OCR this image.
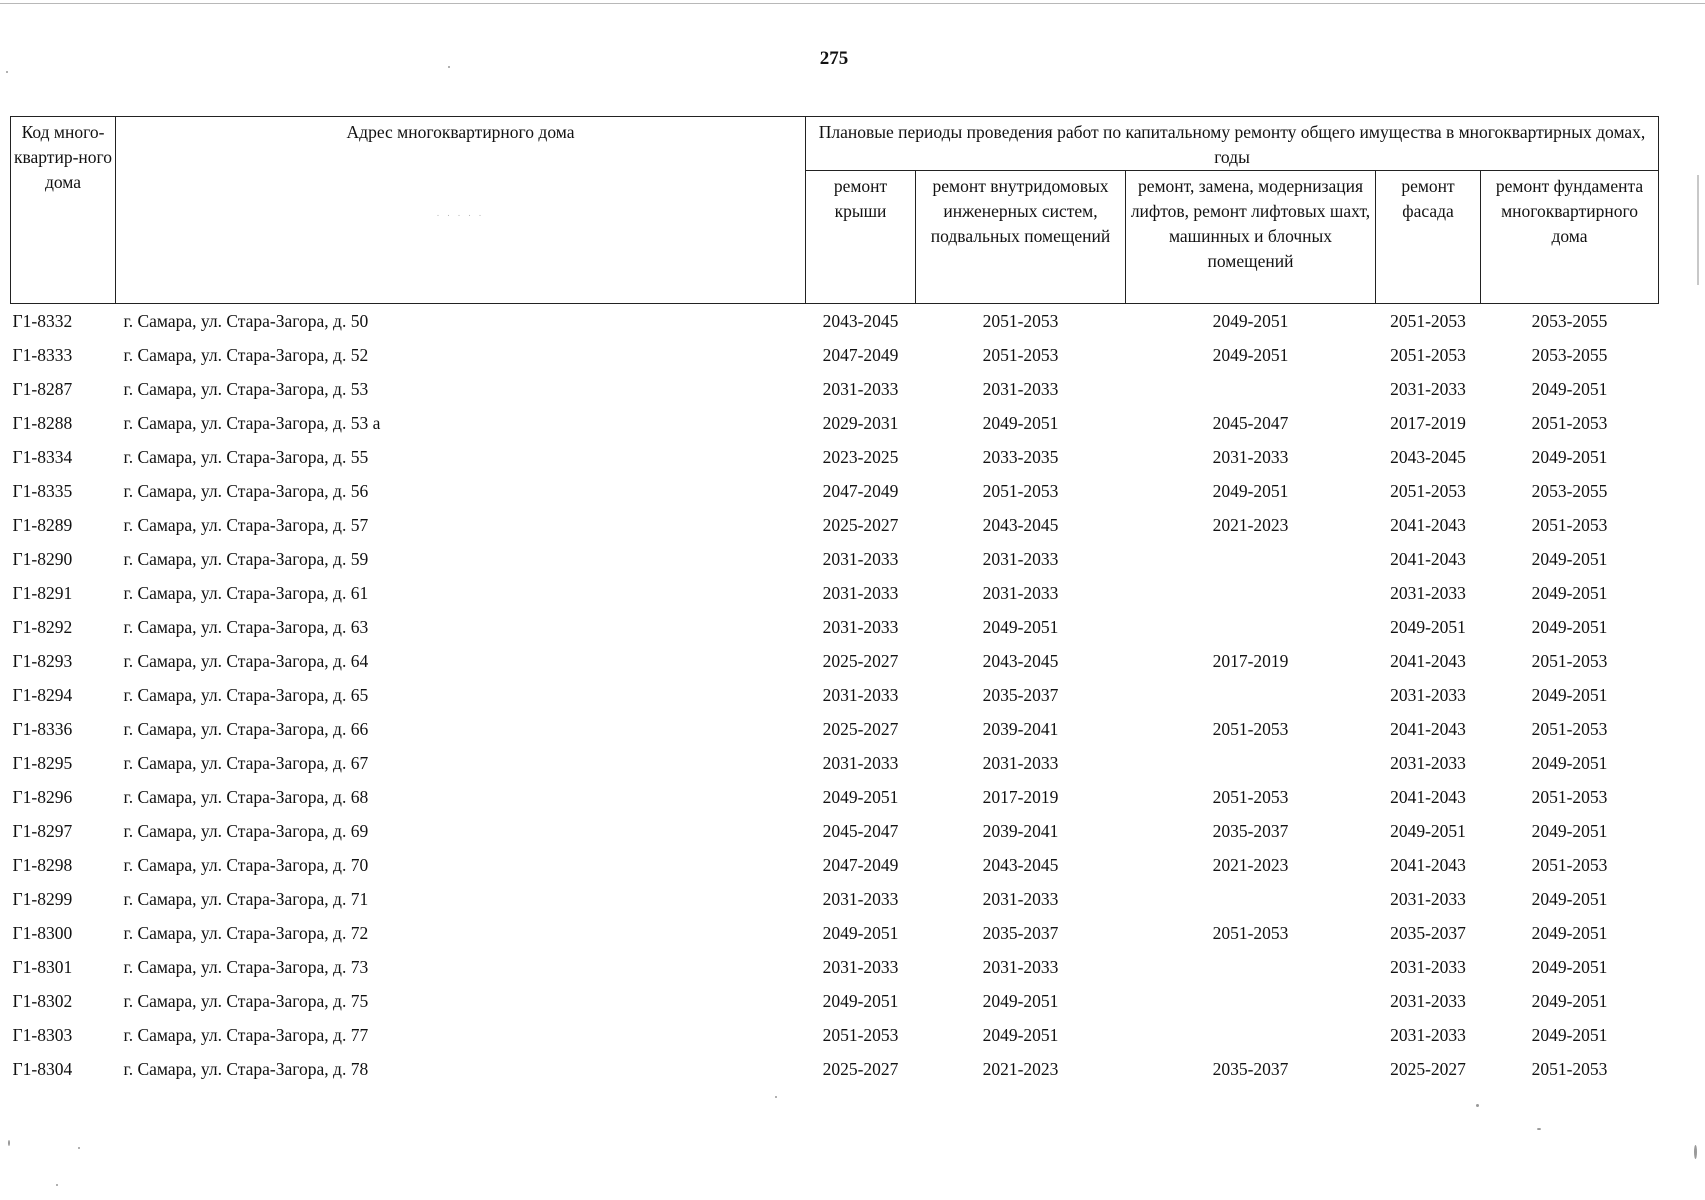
275
Код много-квартир-ного дома	Адрес многоквартирного дома
. . . . .	Плановые периоды проведения работ по капитальному ремонту общего имущества в многоквартирных домах, годы				
		ремонт крыши	ремонт внутридомовых инженерных систем, подвальных помещений	ремонт, замена, модернизация лифтов, ремонт лифтовых шахт, машинных и блочных помещений	ремонт фасада	ремонт фундамента многоквартирного дома
Г1-8332	г. Самара, ул. Стара-Загора, д. 50	2043-2045	2051-2053	2049-2051	2051-2053	2053-2055
Г1-8333	г. Самара, ул. Стара-Загора, д. 52	2047-2049	2051-2053	2049-2051	2051-2053	2053-2055
Г1-8287	г. Самара, ул. Стара-Загора, д. 53	2031-2033	2031-2033		2031-2033	2049-2051
Г1-8288	г. Самара, ул. Стара-Загора, д. 53 а	2029-2031	2049-2051	2045-2047	2017-2019	2051-2053
Г1-8334	г. Самара, ул. Стара-Загора, д. 55	2023-2025	2033-2035	2031-2033	2043-2045	2049-2051
Г1-8335	г. Самара, ул. Стара-Загора, д. 56	2047-2049	2051-2053	2049-2051	2051-2053	2053-2055
Г1-8289	г. Самара, ул. Стара-Загора, д. 57	2025-2027	2043-2045	2021-2023	2041-2043	2051-2053
Г1-8290	г. Самара, ул. Стара-Загора, д. 59	2031-2033	2031-2033		2041-2043	2049-2051
Г1-8291	г. Самара, ул. Стара-Загора, д. 61	2031-2033	2031-2033		2031-2033	2049-2051
Г1-8292	г. Самара, ул. Стара-Загора, д. 63	2031-2033	2049-2051		2049-2051	2049-2051
Г1-8293	г. Самара, ул. Стара-Загора, д. 64	2025-2027	2043-2045	2017-2019	2041-2043	2051-2053
Г1-8294	г. Самара, ул. Стара-Загора, д. 65	2031-2033	2035-2037		2031-2033	2049-2051
Г1-8336	г. Самара, ул. Стара-Загора, д. 66	2025-2027	2039-2041	2051-2053	2041-2043	2051-2053
Г1-8295	г. Самара, ул. Стара-Загора, д. 67	2031-2033	2031-2033		2031-2033	2049-2051
Г1-8296	г. Самара, ул. Стара-Загора, д. 68	2049-2051	2017-2019	2051-2053	2041-2043	2051-2053
Г1-8297	г. Самара, ул. Стара-Загора, д. 69	2045-2047	2039-2041	2035-2037	2049-2051	2049-2051
Г1-8298	г. Самара, ул. Стара-Загора, д. 70	2047-2049	2043-2045	2021-2023	2041-2043	2051-2053
Г1-8299	г. Самара, ул. Стара-Загора, д. 71	2031-2033	2031-2033		2031-2033	2049-2051
Г1-8300	г. Самара, ул. Стара-Загора, д. 72	2049-2051	2035-2037	2051-2053	2035-2037	2049-2051
Г1-8301	г. Самара, ул. Стара-Загора, д. 73	2031-2033	2031-2033		2031-2033	2049-2051
Г1-8302	г. Самара, ул. Стара-Загора, д. 75	2049-2051	2049-2051		2031-2033	2049-2051
Г1-8303	г. Самара, ул. Стара-Загора, д. 77	2051-2053	2049-2051		2031-2033	2049-2051
Г1-8304	г. Самара, ул. Стара-Загора, д. 78	2025-2027	2021-2023	2035-2037	2025-2027	2051-2053
